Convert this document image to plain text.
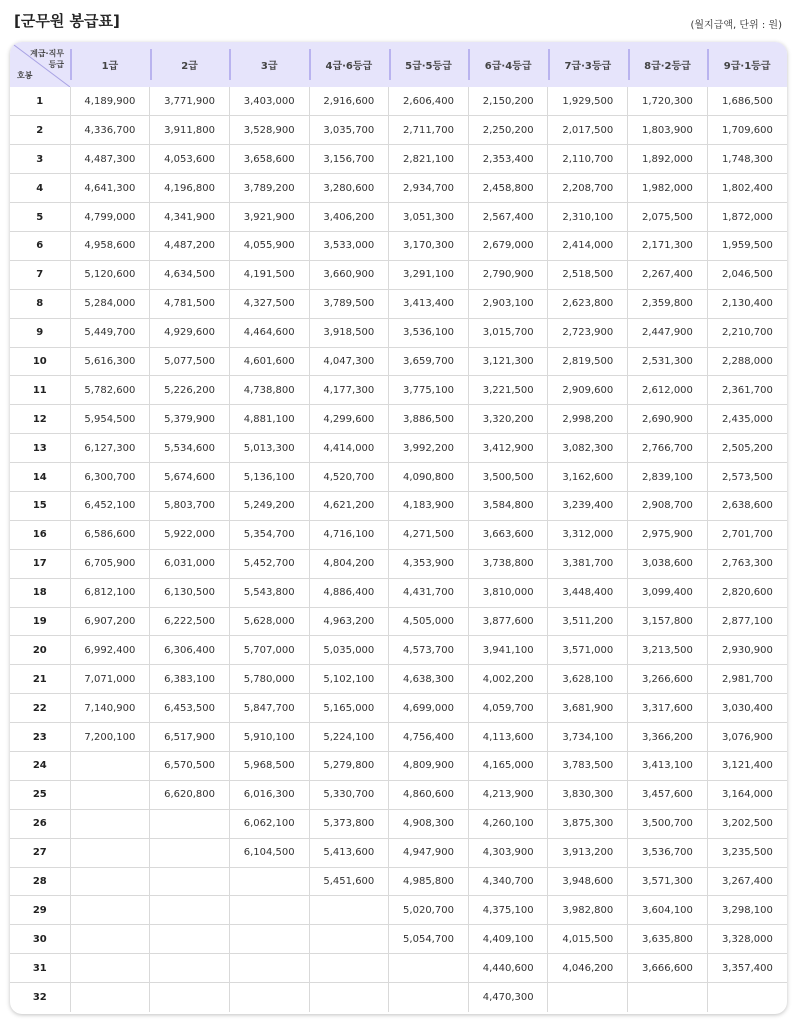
[군무원 봉급표]	(월지급액, 단위 : 원)
계급·직무
등급
호봉	1급	2급	3급	4급·6등급	5급·5등급	6급·4등급	7급·3등급	8급·2등급	9급·1등급
1	4,189,900	3,771,900	3,403,000	2,916,600	2,606,400	2,150,200	1,929,500	1,720,300	1,686,500
2	4,336,700	3,911,800	3,528,900	3,035,700	2,711,700	2,250,200	2,017,500	1,803,900	1,709,600
3	4,487,300	4,053,600	3,658,600	3,156,700	2,821,100	2,353,400	2,110,700	1,892,000	1,748,300
4	4,641,300	4,196,800	3,789,200	3,280,600	2,934,700	2,458,800	2,208,700	1,982,000	1,802,400
5	4,799,000	4,341,900	3,921,900	3,406,200	3,051,300	2,567,400	2,310,100	2,075,500	1,872,000
6	4,958,600	4,487,200	4,055,900	3,533,000	3,170,300	2,679,000	2,414,000	2,171,300	1,959,500
7	5,120,600	4,634,500	4,191,500	3,660,900	3,291,100	2,790,900	2,518,500	2,267,400	2,046,500
8	5,284,000	4,781,500	4,327,500	3,789,500	3,413,400	2,903,100	2,623,800	2,359,800	2,130,400
9	5,449,700	4,929,600	4,464,600	3,918,500	3,536,100	3,015,700	2,723,900	2,447,900	2,210,700
10	5,616,300	5,077,500	4,601,600	4,047,300	3,659,700	3,121,300	2,819,500	2,531,300	2,288,000
11	5,782,600	5,226,200	4,738,800	4,177,300	3,775,100	3,221,500	2,909,600	2,612,000	2,361,700
12	5,954,500	5,379,900	4,881,100	4,299,600	3,886,500	3,320,200	2,998,200	2,690,900	2,435,000
13	6,127,300	5,534,600	5,013,300	4,414,000	3,992,200	3,412,900	3,082,300	2,766,700	2,505,200
14	6,300,700	5,674,600	5,136,100	4,520,700	4,090,800	3,500,500	3,162,600	2,839,100	2,573,500
15	6,452,100	5,803,700	5,249,200	4,621,200	4,183,900	3,584,800	3,239,400	2,908,700	2,638,600
16	6,586,600	5,922,000	5,354,700	4,716,100	4,271,500	3,663,600	3,312,000	2,975,900	2,701,700
17	6,705,900	6,031,000	5,452,700	4,804,200	4,353,900	3,738,800	3,381,700	3,038,600	2,763,300
18	6,812,100	6,130,500	5,543,800	4,886,400	4,431,700	3,810,000	3,448,400	3,099,400	2,820,600
19	6,907,200	6,222,500	5,628,000	4,963,200	4,505,000	3,877,600	3,511,200	3,157,800	2,877,100
20	6,992,400	6,306,400	5,707,000	5,035,000	4,573,700	3,941,100	3,571,000	3,213,500	2,930,900
21	7,071,000	6,383,100	5,780,000	5,102,100	4,638,300	4,002,200	3,628,100	3,266,600	2,981,700
22	7,140,900	6,453,500	5,847,700	5,165,000	4,699,000	4,059,700	3,681,900	3,317,600	3,030,400
23	7,200,100	6,517,900	5,910,100	5,224,100	4,756,400	4,113,600	3,734,100	3,366,200	3,076,900
24		6,570,500	5,968,500	5,279,800	4,809,900	4,165,000	3,783,500	3,413,100	3,121,400
25		6,620,800	6,016,300	5,330,700	4,860,600	4,213,900	3,830,300	3,457,600	3,164,000
26			6,062,100	5,373,800	4,908,300	4,260,100	3,875,300	3,500,700	3,202,500
27			6,104,500	5,413,600	4,947,900	4,303,900	3,913,200	3,536,700	3,235,500
28				5,451,600	4,985,800	4,340,700	3,948,600	3,571,300	3,267,400
29					5,020,700	4,375,100	3,982,800	3,604,100	3,298,100
30					5,054,700	4,409,100	4,015,500	3,635,800	3,328,000
31						4,440,600	4,046,200	3,666,600	3,357,400
32						4,470,300			
